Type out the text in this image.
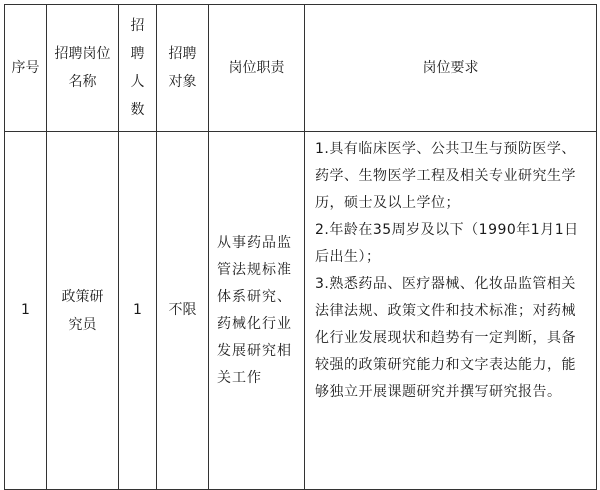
序号	招聘岗位名称	招聘人数	招聘对象	岗位职责	岗位要求
1	政策研究员	1	不限	从事药品监管法规标准体系研究、药械化行业发展研究相关工作	1.具有临床医学、公共卫生与预防医学、药学、生物医学工程及相关专业研究生学历，硕士及以上学位；

2.年龄在35周岁及以下（1990年1月1日后出生）；

3.熟悉药品、医疗器械、化妆品监管相关法律法规、政策文件和技术标准；对药械化行业发展现状和趋势有一定判断，具备较强的政策研究能力和文字表达能力，能够独立开展课题研究并撰写研究报告。
